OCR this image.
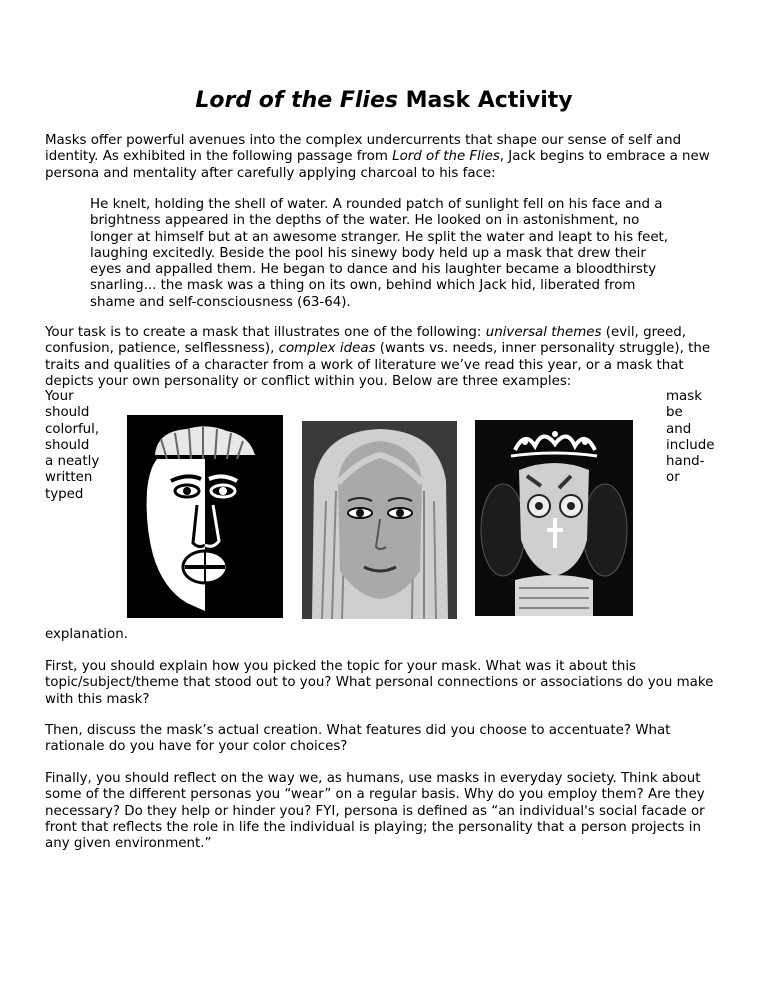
Lord of the Flies Mask Activity

Masks offer powerful avenues into the complex undercurrents that shape our sense of self and identity. As exhibited in the following passage from Lord of the Flies, Jack begins to embrace a new persona and mentality after carefully applying charcoal to his face:

He knelt, holding the shell of water. A rounded patch of sunlight fell on his face and a brightness appeared in the depths of the water. He looked on in astonishment, no longer at himself but at an awesome stranger. He split the water and leapt to his feet, laughing excitedly. Beside the pool his sinewy body held up a mask that drew their eyes and appalled them. He began to dance and his laughter became a bloodthirsty snarling... the mask was a thing on its own, behind which Jack hid, liberated from shame and self-consciousness (63-64).

Your task is to create a mask that illustrates one of the following: universal themes (evil, greed, confusion, patience, selflessness), complex ideas (wants vs. needs, inner personality struggle), the traits and qualities of a character from a work of literature we’ve read this year, or a mask that depicts your own personality or conflict within you. Below are three examples:

Your
should
colorful,
should
a neatly
written
typed
mask
be
and
include
hand-
or

explanation.

First, you should explain how you picked the topic for your mask. What was it about this topic/subject/theme that stood out to you? What personal connections or associations do you make with this mask?

Then, discuss the mask’s actual creation. What features did you choose to accentuate? What rationale do you have for your color choices?

Finally, you should reflect on the way we, as humans, use masks in everyday society. Think about some of the different personas you “wear” on a regular basis. Why do you employ them? Are they necessary? Do they help or hinder you? FYI, persona is defined as “an individual's social facade or front that reflects the role in life the individual is playing; the personality that a person projects in any given environment.”
